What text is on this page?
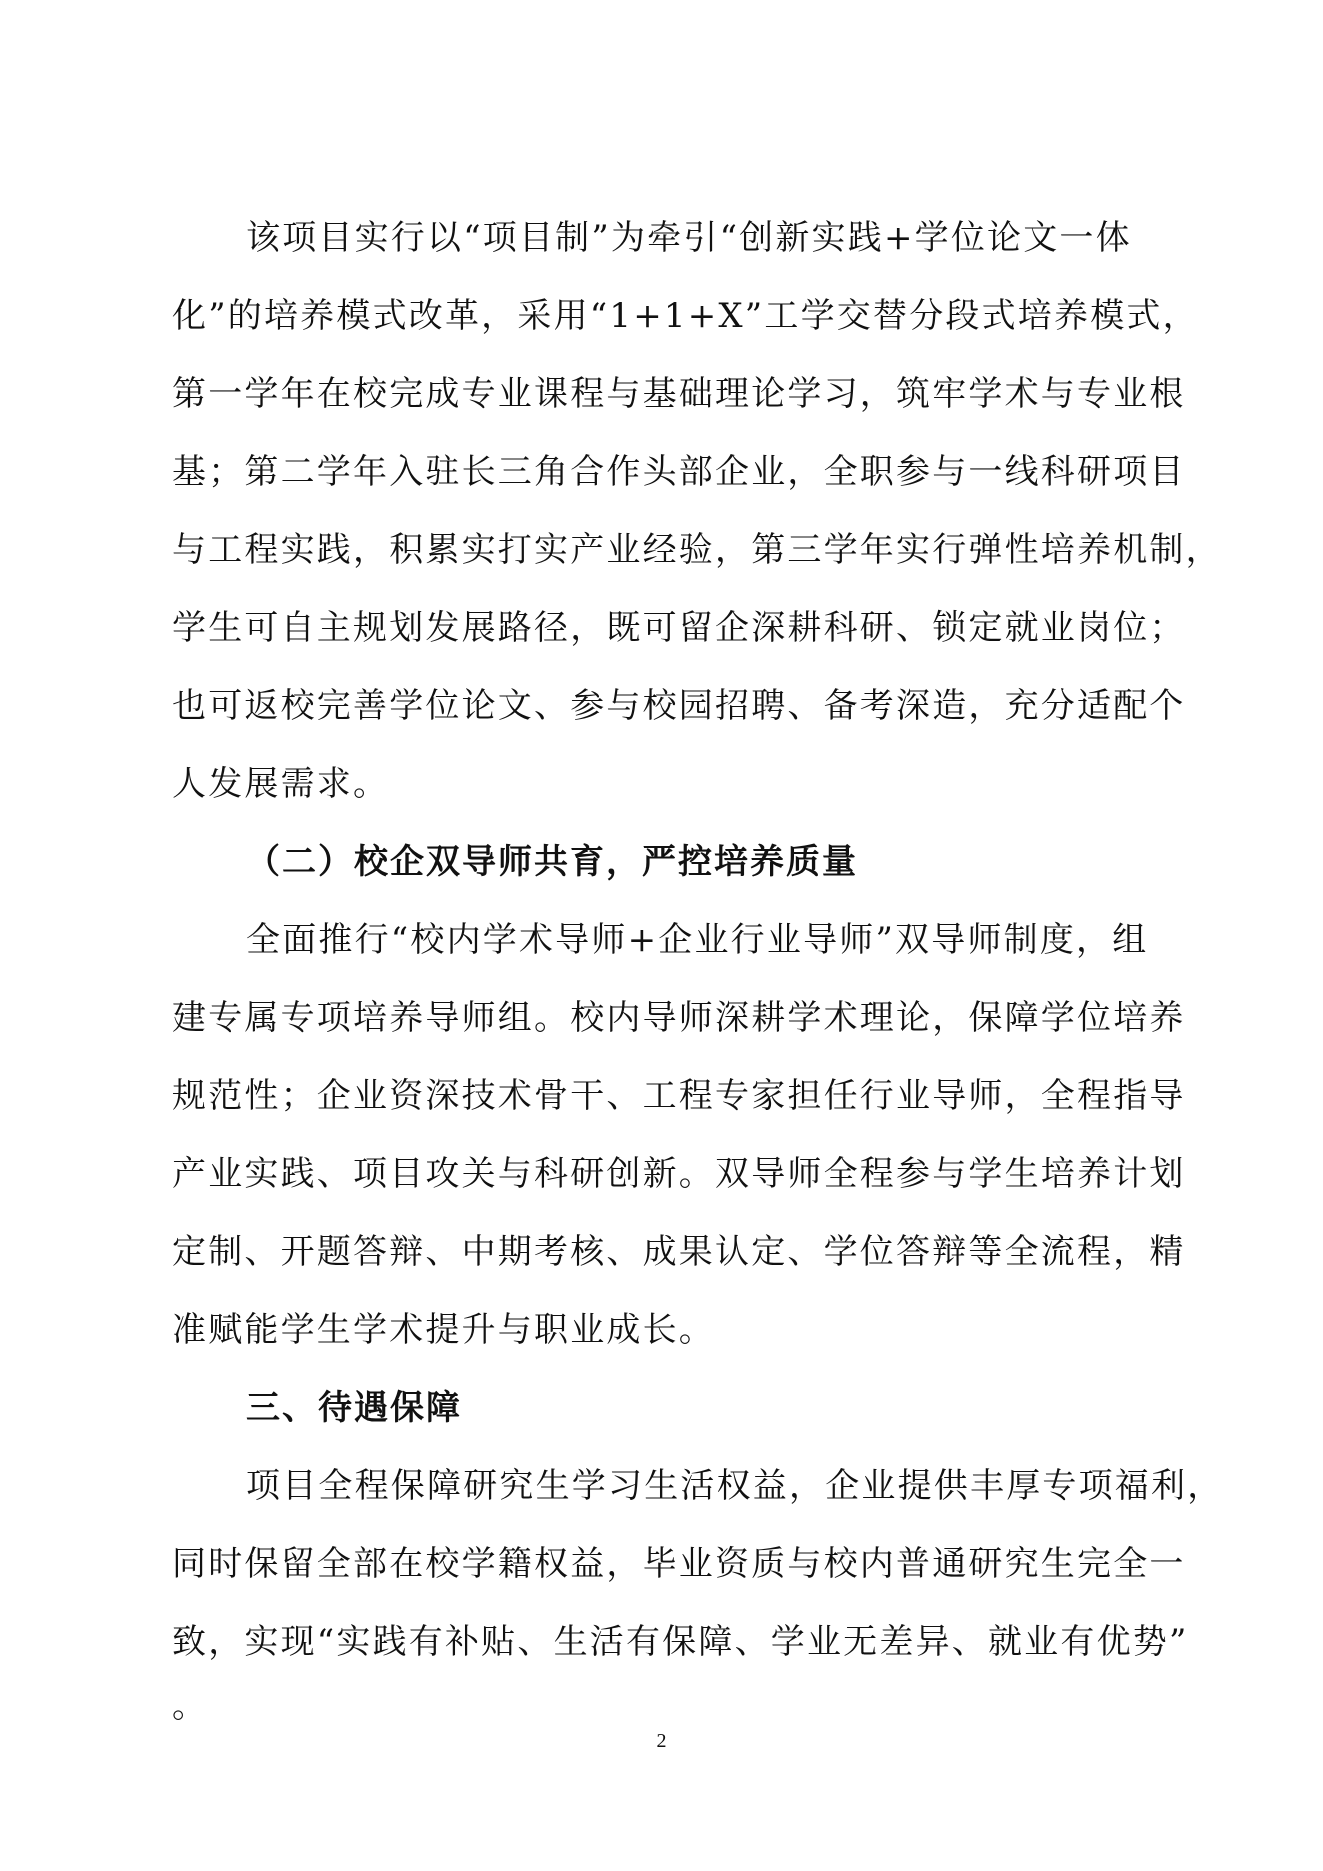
该项目实行以“项目制”为牵引“创新实践+学位论文一体
化”的培养模式改革，采用“1+1+X”工学交替分段式培养模式，
第一学年在校完成专业课程与基础理论学习，筑牢学术与专业根
基；第二学年入驻长三角合作头部企业，全职参与一线科研项目
与工程实践，积累实打实产业经验，第三学年实行弹性培养机制，
学生可自主规划发展路径，既可留企深耕科研、锁定就业岗位；
也可返校完善学位论文、参与校园招聘、备考深造，充分适配个
人发展需求。
（二）校企双导师共育，严控培养质量
全面推行“校内学术导师+企业行业导师”双导师制度，组
建专属专项培养导师组。校内导师深耕学术理论，保障学位培养
规范性；企业资深技术骨干、工程专家担任行业导师，全程指导
产业实践、项目攻关与科研创新。双导师全程参与学生培养计划
定制、开题答辩、中期考核、成果认定、学位答辩等全流程，精
准赋能学生学术提升与职业成长。
三、待遇保障
项目全程保障研究生学习生活权益，企业提供丰厚专项福利，
同时保留全部在校学籍权益，毕业资质与校内普通研究生完全一
致，实现“实践有补贴、生活有保障、学业无差异、就业有优势”
。
2
